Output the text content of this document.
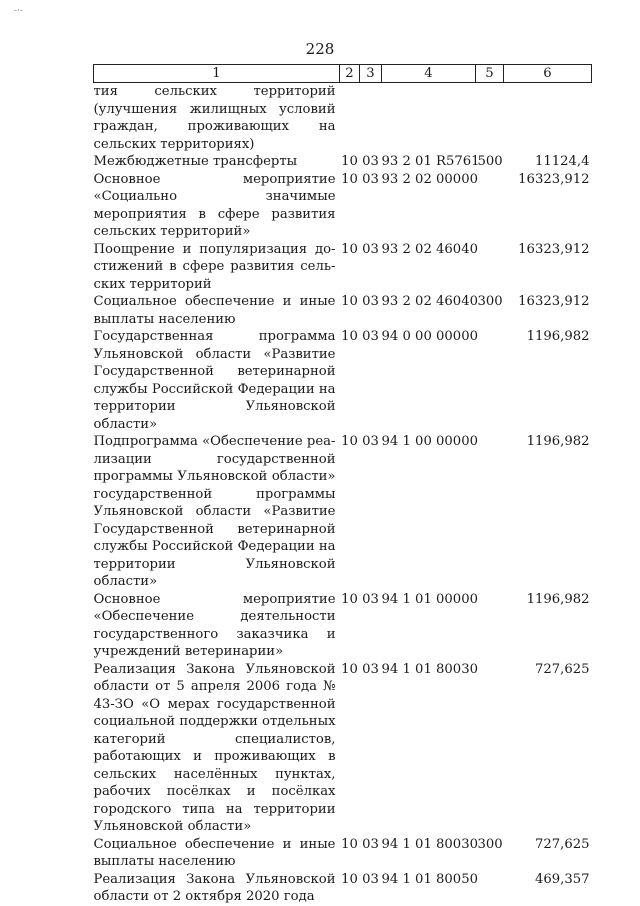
-·-
228
1	2	3	4	5	6
тия сельских территорий (улучшения жилищных условий граждан, проживающих на сельских территориях)					
Межбюджетные трансферты	10	03	93 2 01 R5761	500	11124,4
Основное мероприятие «Социально значимые мероприятия в сфере развития сельских территорий»	10	03	93 2 02 00000		16323,912
Поощрение и популяризация достижений в сфере развития сельских территорий	10	03	93 2 02 46040		16323,912
Социальное обеспечение и иные выплаты населению	10	03	93 2 02 46040	300	16323,912
Государственная программа Ульяновской области «Развитие Государственной ветеринарной службы Российской Федерации на территории Ульяновской области»	10	03	94 0 00 00000		1196,982
Подпрограмма «Обеспечение реализации государственной программы Ульяновской области» государственной программы Ульяновской области «Развитие Государственной ветеринарной службы Российской Федерации на территории Ульяновской области»	10	03	94 1 00 00000		1196,982
Основное мероприятие «Обеспечение деятельности государственного заказчика и учреждений ветеринарии»	10	03	94 1 01 00000		1196,982
Реализация Закона Ульяновской области от 5 апреля 2006 года № 43-ЗО «О мерах государственной социальной поддержки отдельных категорий специалистов, работающих и проживающих в сельских населённых пунктах, рабочих посёлках и посёлках городского типа на территории Ульяновской области»	10	03	94 1 01 80030		727,625
Социальное обеспечение и иные выплаты населению	10	03	94 1 01 80030	300	727,625
Реализация Закона Ульяновской области от 2 октября 2020 года	10	03	94 1 01 80050		469,357
